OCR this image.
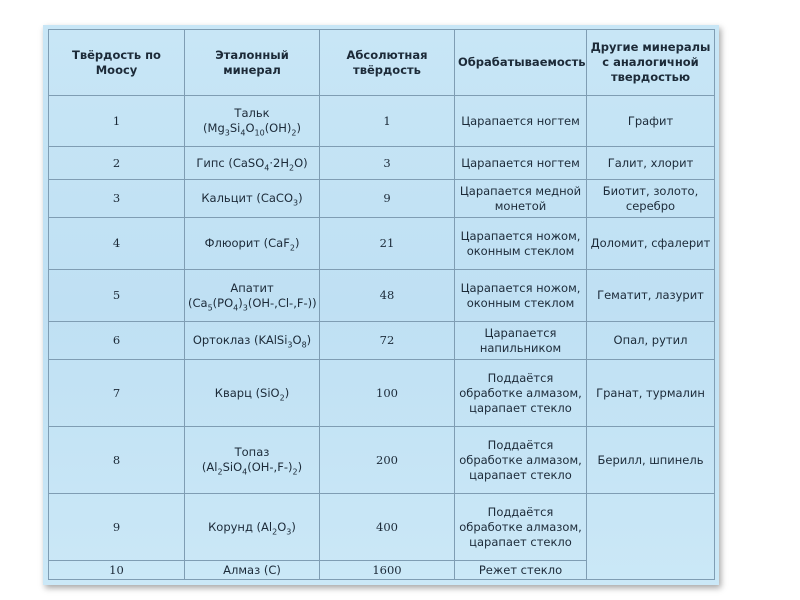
Твёрдость по Моосу	Эталонный минерал	Абсолютная твёрдость	Обрабатываемость	Другие минералы с аналогичной твердостью
1	Тальк $(Mg_3Si_4O_{10}(OH)_2)$	1	Царапается ногтем	Графит
2	Гипс $(CaSO_4\cdot 2H_2O)$	3	Царапается ногтем	Галит, хлорит
3	Кальцит (CaCO$_3$)	9	Царапается медной монетой	Биотит, золото, серебро
4	Флюорит (CaF$_2$)	21	Царапается ножом, оконным стеклом	Доломит, сфалерит
5	Апатит $(Ca_5(PO_4)_3(OH-,Cl-,F-))$	48	Царапается ножом, оконным стеклом	Гематит, лазурит
6	Ортоклаз $(KAlSi_3O_8)$	72	Царапается напильником	Опал, рутил
7	Кварц (SiO$_2$)	100	Поддаётся обработке алмазом, царапает стекло	Гранат, турмалин
8	Топаз $(Al_2SiO_4(OH-,F-)_2)$	200	Поддаётся обработке алмазом, царапает стекло	Берилл, шпинель
9	Корунд $(Al_2O_3)$	400	Поддаётся обработке алмазом, царапает стекло	
10	Алмаз (C)	1600	Режет стекло	
